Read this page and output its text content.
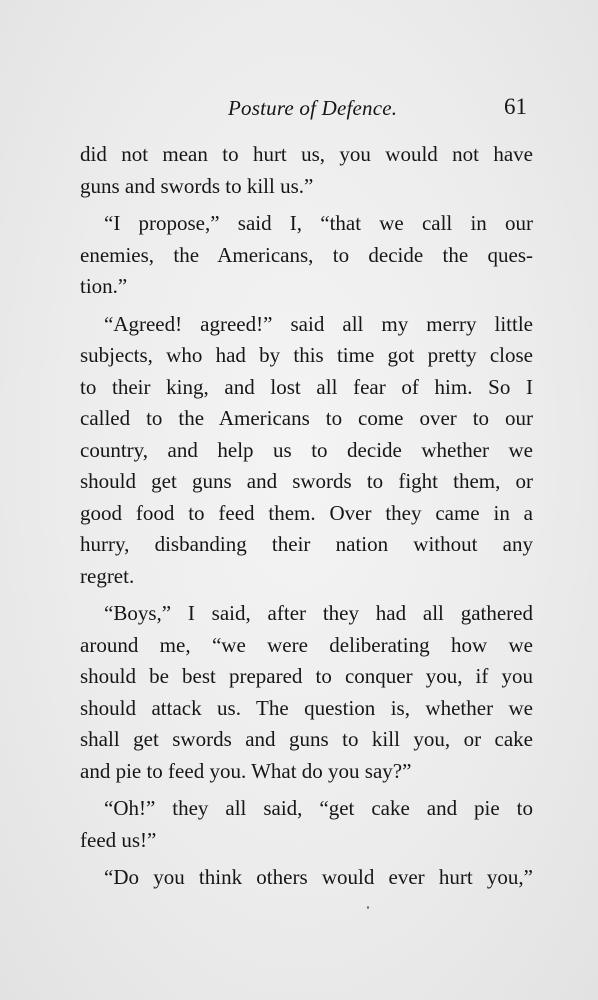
Posture of Defence.	61
did not mean to hurt us, you would not have
guns and swords to kill us.”
“I propose,” said I, “that we call in our
enemies, the Americans, to decide the ques-
tion.”
“Agreed! agreed!” said all my merry little
subjects, who had by this time got pretty close
to their king, and lost all fear of him. So I
called to the Americans to come over to our
country, and help us to decide whether we
should get guns and swords to fight them, or
good food to feed them. Over they came in a
hurry, disbanding their nation without any
regret.
“Boys,” I said, after they had all gathered
around me, “we were deliberating how we
should be best prepared to conquer you, if you
should attack us. The question is, whether we
shall get swords and guns to kill you, or cake
and pie to feed you. What do you say?”
“Oh!” they all said, “get cake and pie to
feed us!”
“Do you think others would ever hurt you,”
